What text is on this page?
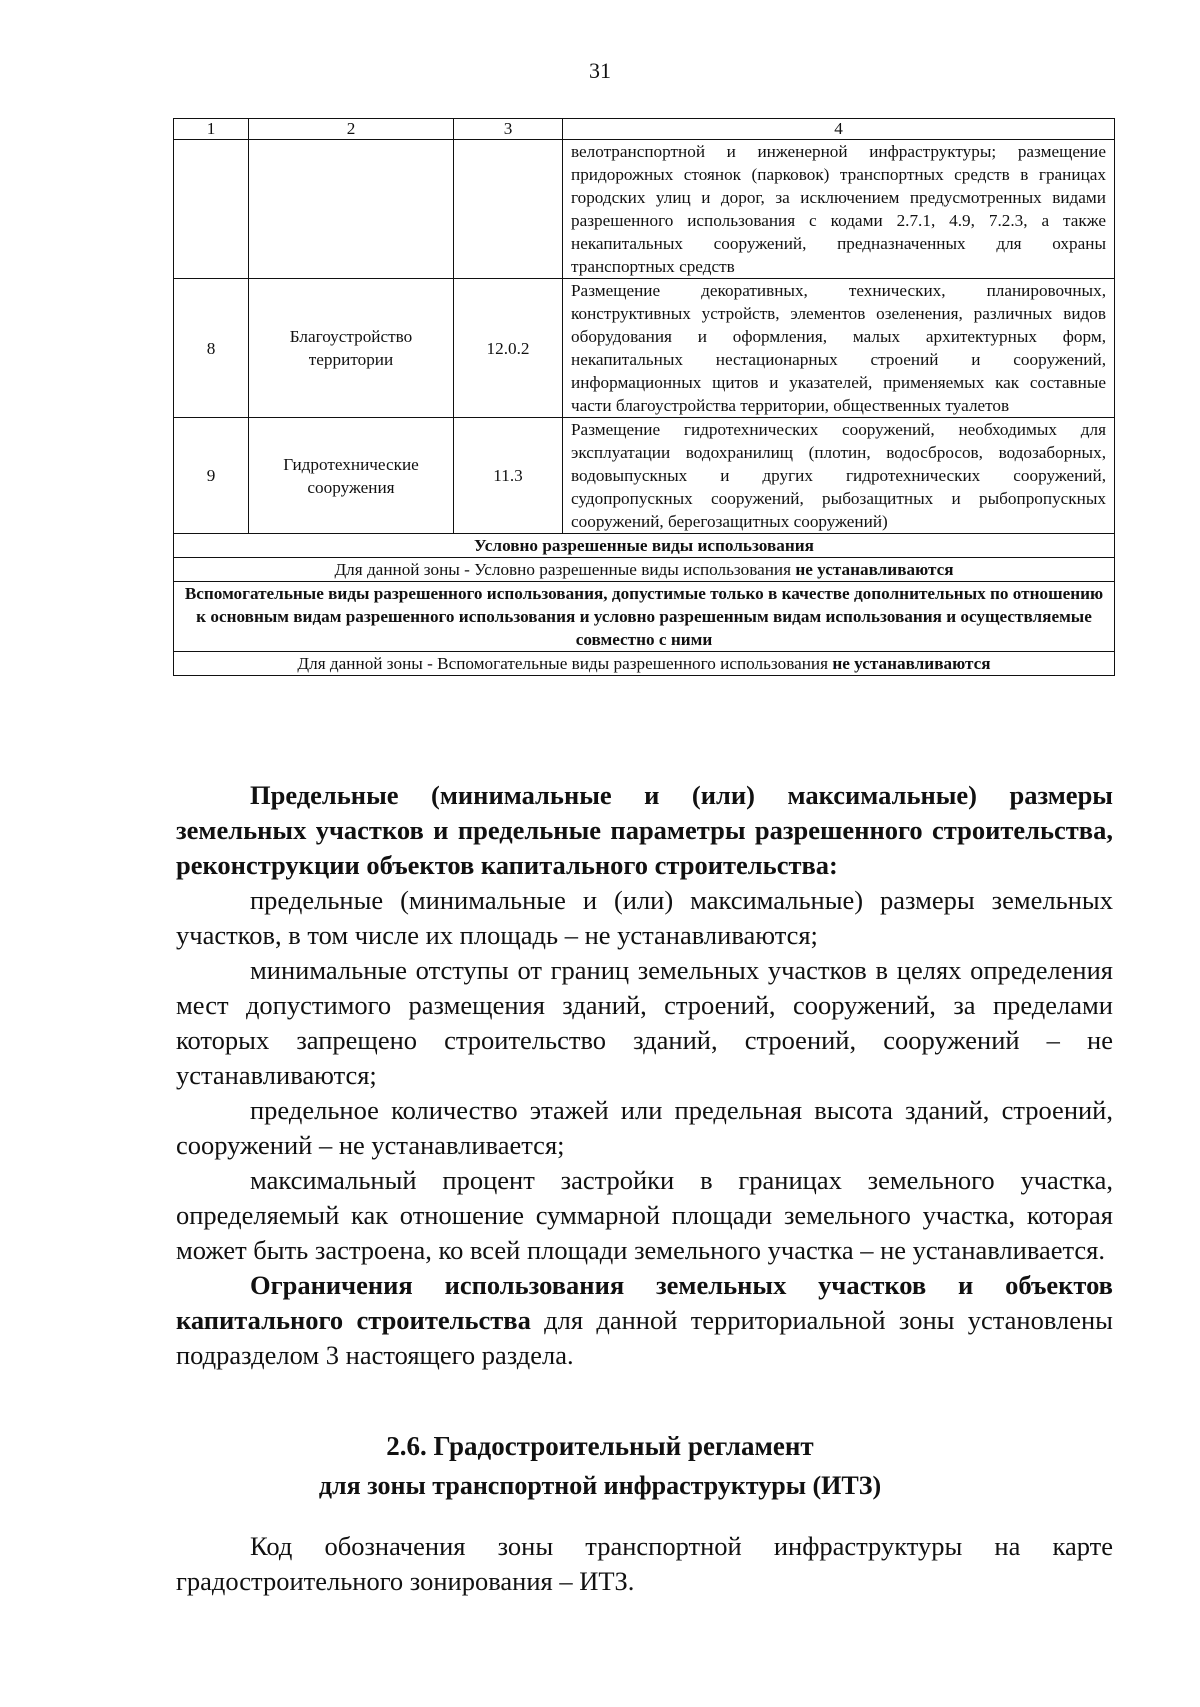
31
1	2	3	4
			велотранспортной и инженерной инфраструктуры; размещение придорожных стоянок (парковок) транспортных средств в границах городских улиц и дорог, за исключением предусмотренных видами разрешенного использования с кодами 2.7.1, 4.9, 7.2.3, а также некапитальных сооружений, предназначенных для охраны транспортных средств
8	Благоустройство территории	12.0.2	Размещение декоративных, технических, планировочных, конструктивных устройств, элементов озеленения, различных видов оборудования и оформления, малых архитектурных форм, некапитальных нестационарных строений и сооружений, информационных щитов и указателей, применяемых как составные части благоустройства территории, общественных туалетов
9	Гидротехнические сооружения	11.3	Размещение гидротехнических сооружений, необходимых для эксплуатации водохранилищ (плотин, водосбросов, водозаборных, водовыпускных и других гидротехнических сооружений, судопропускных сооружений, рыбозащитных и рыбопропускных сооружений, берегозащитных сооружений)
Условно разрешенные виды использования			
Для данной зоны - Условно разрешенные виды использования не устанавливаются			
Вспомогательные виды разрешенного использования, допустимые только в качестве дополнительных по отношению к основным видам разрешенного использования и условно разрешенным видам использования и осуществляемые совместно с ними			
Для данной зоны - Вспомогательные виды разрешенного использования не устанавливаются			

Предельные (минимальные и (или) максимальные) размеры земельных участков и предельные параметры разрешенного строительства, реконструкции объектов капитального строительства:

предельные (минимальные и (или) максимальные) размеры земельных участков, в том числе их площадь – не устанавливаются;

минимальные отступы от границ земельных участков в целях определения мест допустимого размещения зданий, строений, сооружений, за пределами которых запрещено строительство зданий, строений, сооружений – не устанавливаются;

предельное количество этажей или предельная высота зданий, строений, сооружений – не устанавливается;

максимальный процент застройки в границах земельного участка, определяемый как отношение суммарной площади земельного участка, которая может быть застроена, ко всей площади земельного участка – не устанавливается.

Ограничения использования земельных участков и объектов капитального строительства для данной территориальной зоны установлены подразделом 3 настоящего раздела.

2.6. Градостроительный регламент
для зоны транспортной инфраструктуры (ИТЗ)

Код обозначения зоны транспортной инфраструктуры на карте градостроительного зонирования – ИТЗ.
